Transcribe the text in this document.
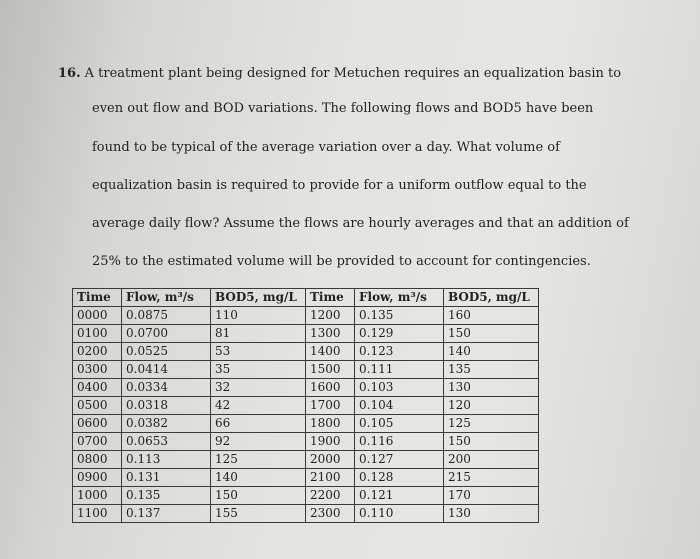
16. A treatment plant being designed for Metuchen requires an equalization basin to
even out flow and BOD variations. The following flows and BOD5 have been
found to be typical of the average variation over a day. What volume of
equalization basin is required to provide for a uniform outflow equal to the
average daily flow? Assume the flows are hourly averages and that an addition of
25% to the estimated volume will be provided to account for contingencies.
Time	Flow, m³/s	BOD5, mg/L	Time	Flow, m³/s	BOD5, mg/L
0000	0.0875	110	1200	0.135	160
0100	0.0700	81	1300	0.129	150
0200	0.0525	53	1400	0.123	140
0300	0.0414	35	1500	0.111	135
0400	0.0334	32	1600	0.103	130
0500	0.0318	42	1700	0.104	120
0600	0.0382	66	1800	0.105	125
0700	0.0653	92	1900	0.116	150
0800	0.113	125	2000	0.127	200
0900	0.131	140	2100	0.128	215
1000	0.135	150	2200	0.121	170
1100	0.137	155	2300	0.110	130
